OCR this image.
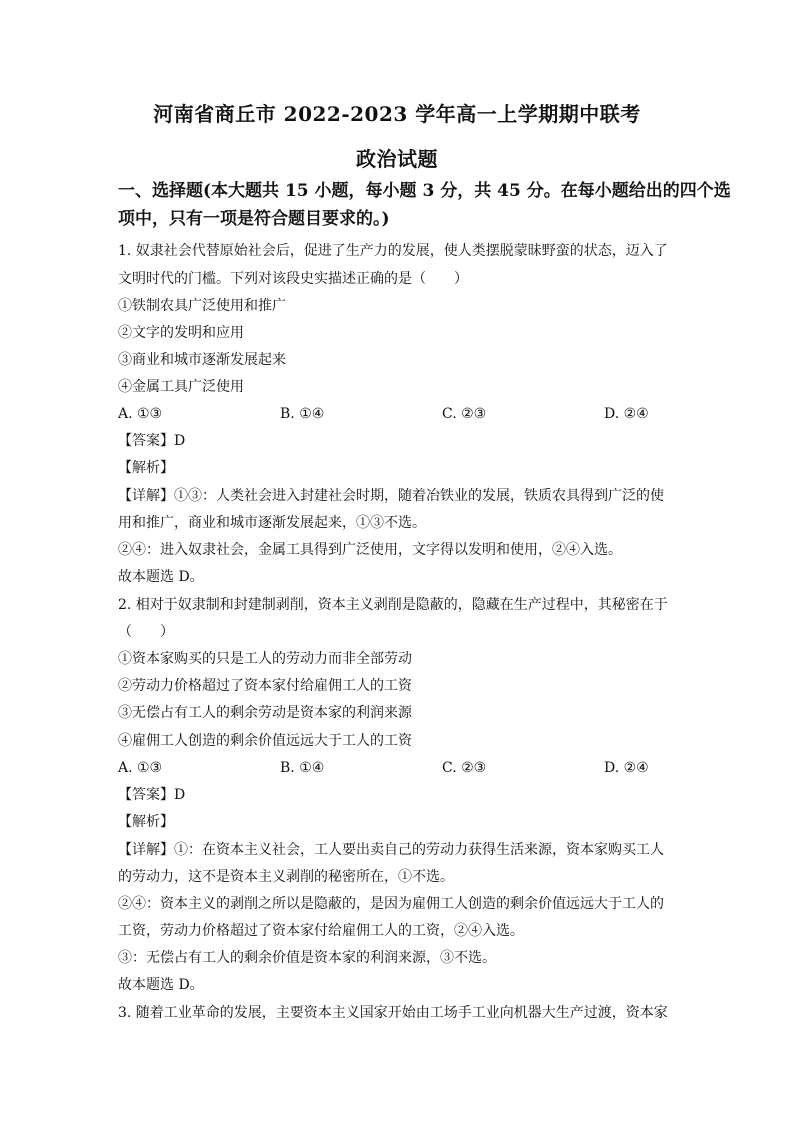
河南省商丘市 2022-2023 学年高一上学期期中联考
政治试题
一、选择题(本大题共 15 小题，每小题 3 分，共 45 分。在每小题给出的四个选
项中，只有一项是符合题目要求的。)
1. 奴隶社会代替原始社会后，促进了生产力的发展，使人类摆脱蒙昧野蛮的状态，迈入了
文明时代的门槛。下列对该段史实描述正确的是（　　）
①铁制农具广泛使用和推广
②文字的发明和应用
③商业和城市逐渐发展起来
④金属工具广泛使用
A. ①③	B. ①④	C. ②③	D. ②④
【答案】D
【解析】
【详解】①③：人类社会进入封建社会时期，随着冶铁业的发展，铁质农具得到广泛的使
用和推广，商业和城市逐渐发展起来，①③不选。
②④：进入奴隶社会，金属工具得到广泛使用，文字得以发明和使用，②④入选。
故本题选 D。
2. 相对于奴隶制和封建制剥削，资本主义剥削是隐蔽的，隐藏在生产过程中，其秘密在于
（　　）
①资本家购买的只是工人的劳动力而非全部劳动
②劳动力价格超过了资本家付给雇佣工人的工资
③无偿占有工人的剩余劳动是资本家的利润来源
④雇佣工人创造的剩余价值远远大于工人的工资
A. ①③	B. ①④	C. ②③	D. ②④
【答案】D
【解析】
【详解】①：在资本主义社会，工人要出卖自己的劳动力获得生活来源，资本家购买工人
的劳动力，这不是资本主义剥削的秘密所在，①不选。
②④：资本主义的剥削之所以是隐蔽的，是因为雇佣工人创造的剩余价值远远大于工人的
工资，劳动力价格超过了资本家付给雇佣工人的工资，②④入选。
③：无偿占有工人的剩余价值是资本家的利润来源，③不选。
故本题选 D。
3. 随着工业革命的发展，主要资本主义国家开始由工场手工业向机器大生产过渡，资本家
